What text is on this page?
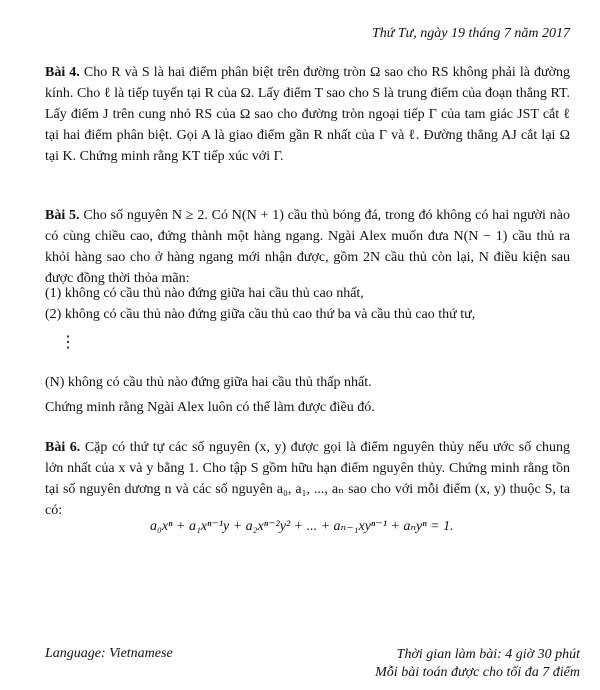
Thứ Tư, ngày 19 tháng 7 năm 2017
Bài 4. Cho R và S là hai điểm phân biệt trên đường tròn Ω sao cho RS không phải là đường kính. Cho ℓ là tiếp tuyến tại R của Ω. Lấy điểm T sao cho S là trung điểm của đoạn thẳng RT. Lấy điểm J trên cung nhỏ RS của Ω sao cho đường tròn ngoại tiếp Γ của tam giác JST cắt ℓ tại hai điểm phân biệt. Gọi A là giao điểm gần R nhất của Γ và ℓ. Đường thẳng AJ cắt lại Ω tại K. Chứng minh rằng KT tiếp xúc với Γ.
Bài 5. Cho số nguyên N ≥ 2. Có N(N + 1) cầu thủ bóng đá, trong đó không có hai người nào có cùng chiều cao, đứng thành một hàng ngang. Ngài Alex muốn đưa N(N − 1) cầu thủ ra khỏi hàng sao cho ở hàng ngang mới nhận được, gồm 2N cầu thủ còn lại, N điều kiện sau được đồng thời thỏa mãn:
(1) không có cầu thủ nào đứng giữa hai cầu thủ cao nhất,
(2) không có cầu thủ nào đứng giữa cầu thủ cao thứ ba và cầu thủ cao thứ tư,
⋮
(N) không có cầu thủ nào đứng giữa hai cầu thủ thấp nhất.
Chứng minh rằng Ngài Alex luôn có thể làm được điều đó.
Bài 6. Cặp có thứ tự các số nguyên (x, y) được gọi là điểm nguyên thủy nếu ước số chung lớn nhất của x và y bằng 1. Cho tập S gồm hữu hạn điểm nguyên thủy. Chứng minh rằng tồn tại số nguyên dương n và các số nguyên a₀, a₁, ..., aₙ sao cho với mỗi điểm (x, y) thuộc S, ta có:
a₀xⁿ + a₁xⁿ⁻¹y + a₂xⁿ⁻²y² + ... + aₙ₋₁xyⁿ⁻¹ + aₙyⁿ = 1.
Language: Vietnamese	Thời gian làm bài: 4 giờ 30 phút
Mỗi bài toán được cho tối đa 7 điểm
